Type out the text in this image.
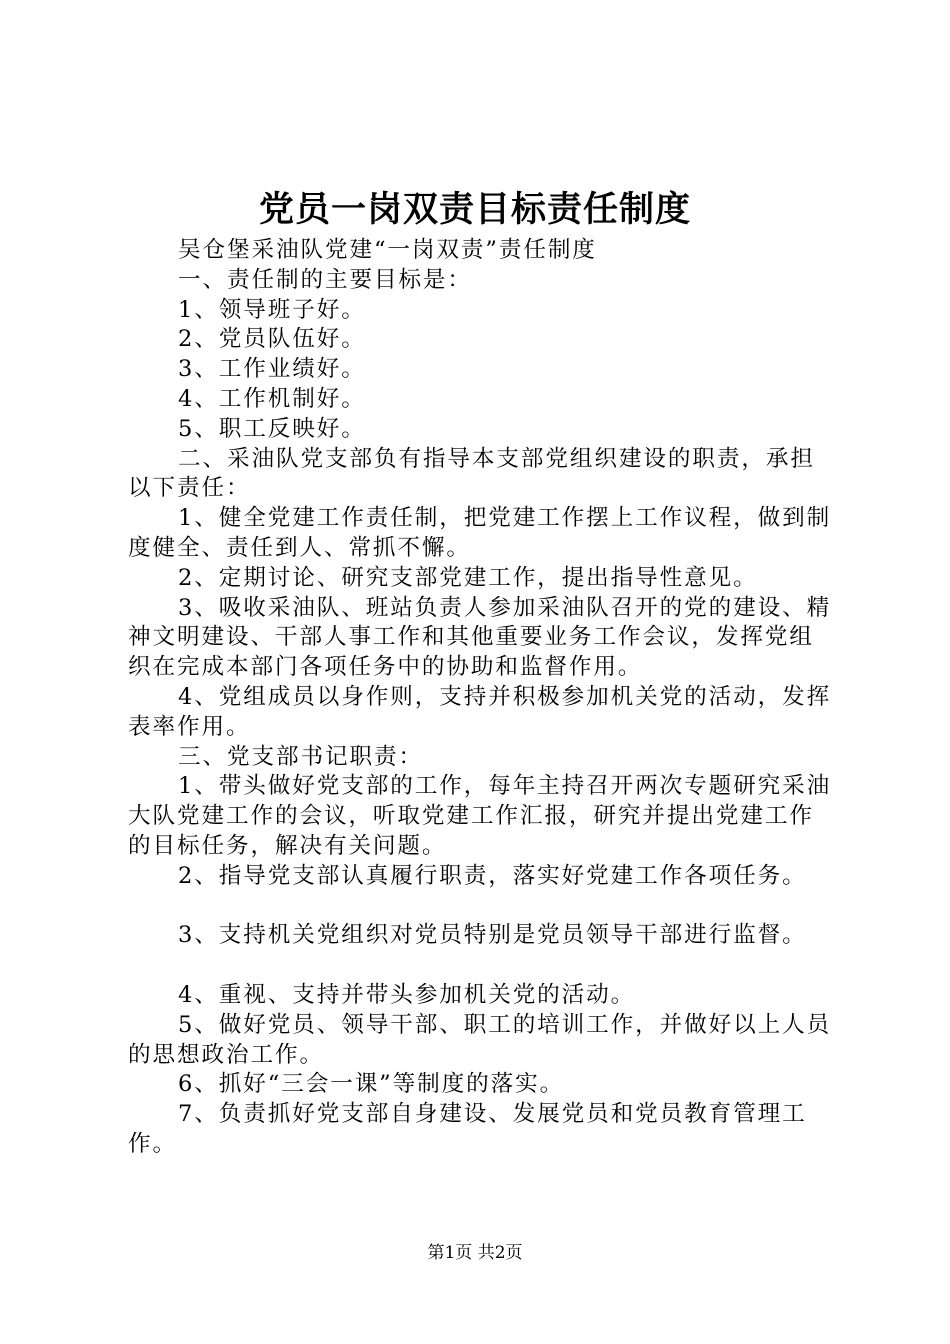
党员一岗双责目标责任制度

吴仓堡采油队党建“一岗双责”责任制度

一、责任制的主要目标是：

1、领导班子好。

2、党员队伍好。

3、工作业绩好。

4、工作机制好。

5、职工反映好。

二、采油队党支部负有指导本支部党组织建设的职责，承担以下责任：

1、健全党建工作责任制，把党建工作摆上工作议程，做到制度健全、责任到人、常抓不懈。

2、定期讨论、研究支部党建工作，提出指导性意见。

3、吸收采油队、班站负责人参加采油队召开的党的建设、精神文明建设、干部人事工作和其他重要业务工作会议，发挥党组织在完成本部门各项任务中的协助和监督作用。

4、党组成员以身作则，支持并积极参加机关党的活动，发挥表率作用。

三、党支部书记职责：

1、带头做好党支部的工作，每年主持召开两次专题研究采油大队党建工作的会议，听取党建工作汇报，研究并提出党建工作的目标任务，解决有关问题。

2、指导党支部认真履行职责，落实好党建工作各项任务。

3、支持机关党组织对党员特别是党员领导干部进行监督。

4、重视、支持并带头参加机关党的活动。

5、做好党员、领导干部、职工的培训工作，并做好以上人员的思想政治工作。

6、抓好“三会一课”等制度的落实。

7、负责抓好党支部自身建设、发展党员和党员教育管理工作。

第1页 共2页
